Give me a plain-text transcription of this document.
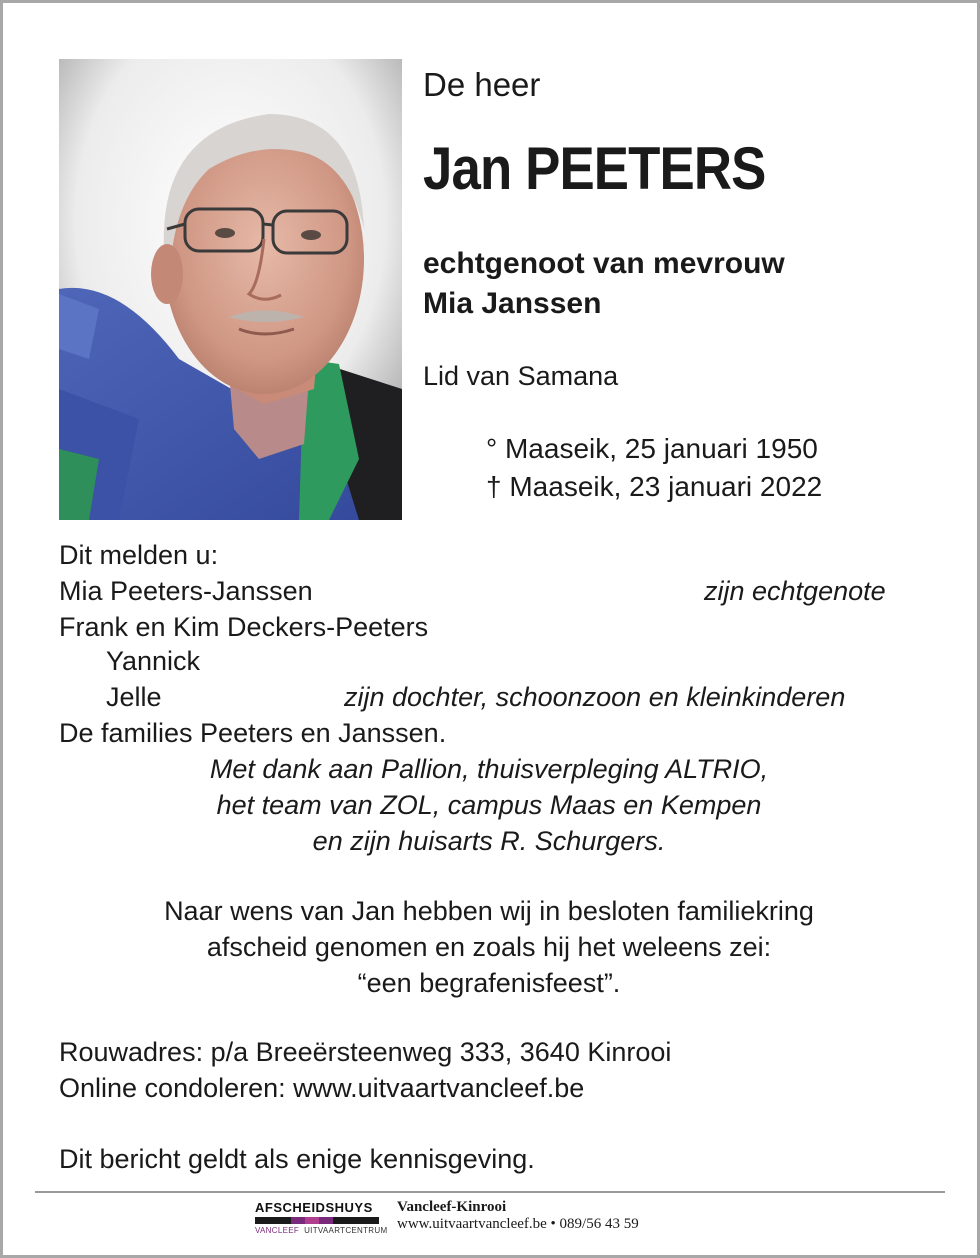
De heer
Jan PEETERS
echtgenoot van mevrouw
Mia Janssen
Lid van Samana
° Maaseik, 25 januari 1950
† Maaseik, 23 januari 2022
Dit melden u:
Mia Peeters-Janssen	zijn echtgenote
Frank en Kim Deckers-Peeters
Yannick
Jelle	zijn dochter, schoonzoon en kleinkinderen
De families Peeters en Janssen.
Met dank aan Pallion, thuisverpleging ALTRIO,
het team van ZOL, campus Maas en Kempen
en zijn huisarts R. Schurgers.
Naar wens van Jan hebben wij in besloten familiekring
afscheid genomen en zoals hij het weleens zei:
“een begrafenisfeest”.
Rouwadres: p/a Breeërsteenweg 333, 3640 Kinrooi
Online condoleren: www.uitvaartvancleef.be
Dit bericht geldt als enige kennisgeving.
AFSCHEIDSHUYS
VANCLEEF UITVAARTCENTRUM
Vancleef-Kinrooi
www.uitvaartvancleef.be • 089/56 43 59
